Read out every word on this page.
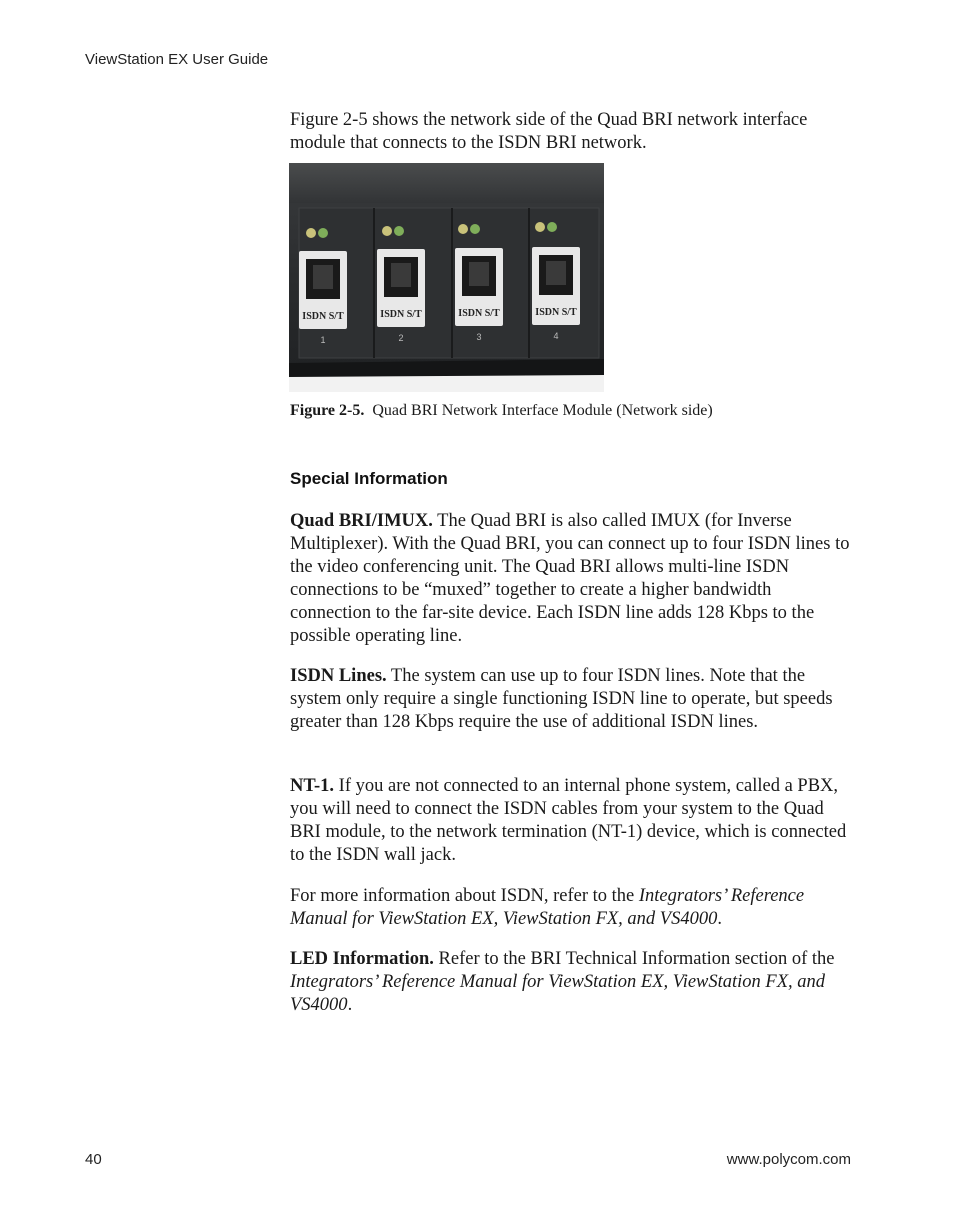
ViewStation EX User Guide
Figure 2-5 shows the network side of the Quad BRI network interface module that connects to the ISDN BRI network.
ISDN S/T
1
ISDN S/T
2
ISDN S/T
3
ISDN S/T
4
Figure 2-5. Quad BRI Network Interface Module (Network side)
Special Information
Quad BRI/IMUX. The Quad BRI is also called IMUX (for Inverse Multiplexer). With the Quad BRI, you can connect up to four ISDN lines to the video conferencing unit. The Quad BRI allows multi-line ISDN connections to be “muxed” together to create a higher bandwidth connection to the far-site device. Each ISDN line adds 128 Kbps to the possible operating line.
ISDN Lines. The system can use up to four ISDN lines. Note that the system only require a single functioning ISDN line to operate, but speeds greater than 128 Kbps require the use of additional ISDN lines.
NT-1. If you are not connected to an internal phone system, called a PBX, you will need to connect the ISDN cables from your system to the Quad BRI module, to the network termination (NT-1) device, which is connected to the ISDN wall jack.
For more information about ISDN, refer to the Integrators’ Reference Manual for ViewStation EX, ViewStation FX, and VS4000.
LED Information. Refer to the BRI Technical Information section of the Integrators’ Reference Manual for ViewStation EX, ViewStation FX, and VS4000.
40	www.polycom.com
